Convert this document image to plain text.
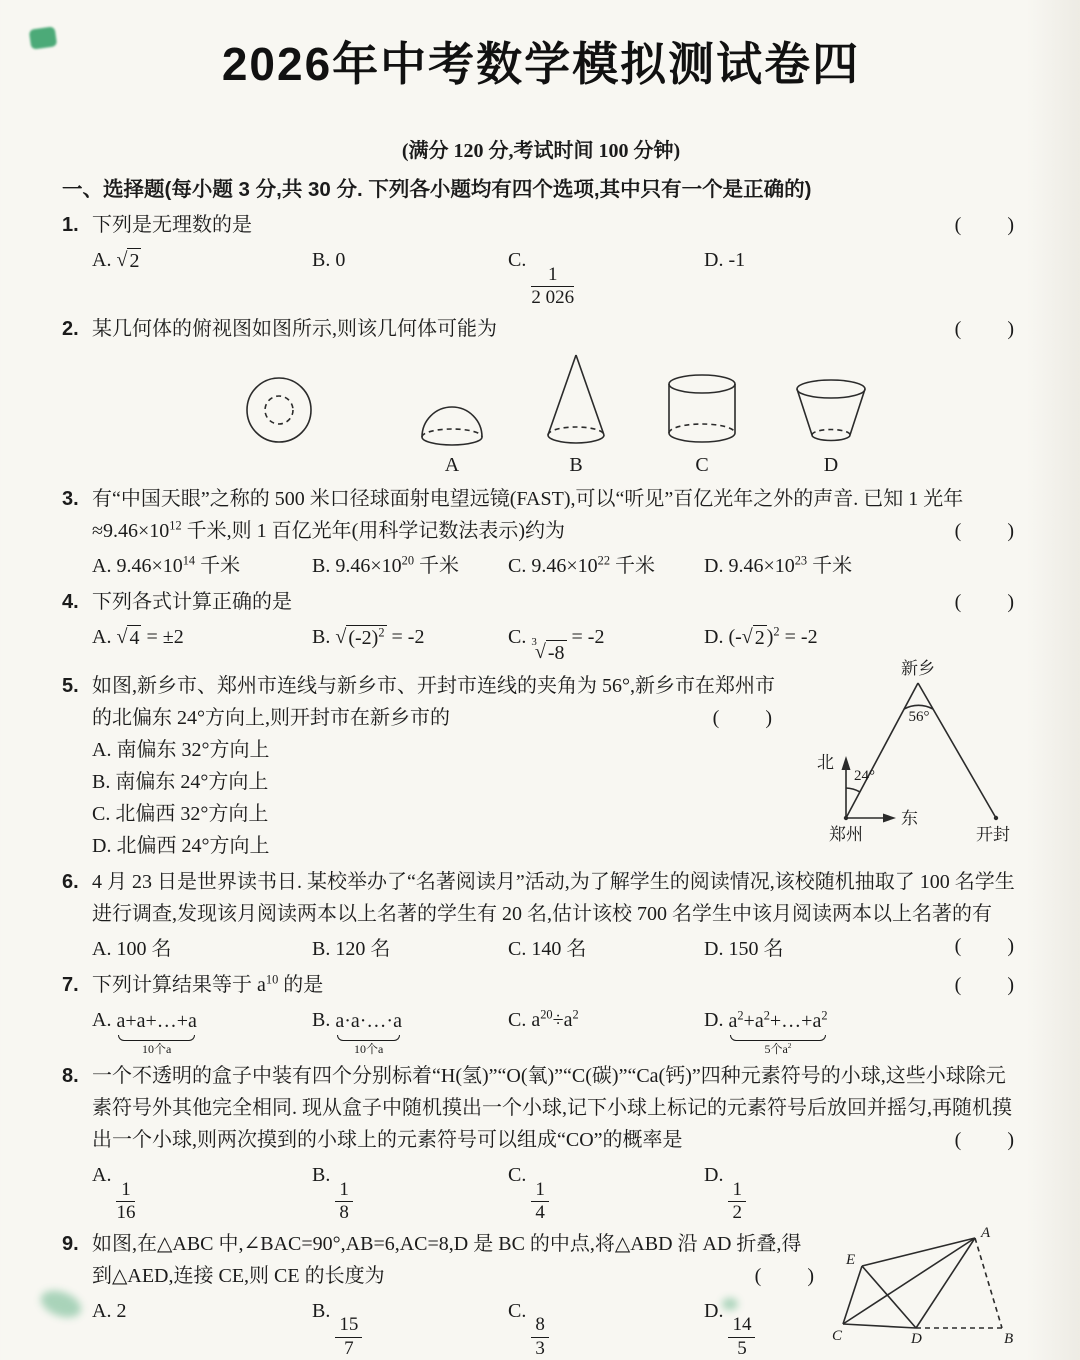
2026年中考数学模拟测试卷四
(满分 120 分,考试时间 100 分钟)
一、选择题(每小题 3 分,共 30 分. 下列各小题均有四个选项,其中只有一个是正确的)
1. 下列是无理数的是	(　　)
A. √ 2	B. 0	C.
$\frac{1}{2 026}$
D. -1
2. 某几何体的俯视图如图所示,则该几何体可能为	(　　)
A	B	C	D
3. 有“中国天眼”之称的 500 米口径球面射电望远镜(FAST),可以“听见”百亿光年之外的声音. 已知 1 光年$\approx 9.46\times 10^{12}$ 千米,则 1 百亿光年(用科学记数法表示)约为	(　　)
A. $9.46\times 10^{14}$ 千米	B. $9.46\times 10^{20}$ 千米	C. $9.46\times 10^{22}$ 千米	D. $9.46\times 10^{23}$ 千米
4. 下列各式计算正确的是	(　　)
A. √ 4 = ±2	B. √ $(-2)^2 = -2$	C. 3
√ -8
= -2	D. (- √ 2 )$^2$ = -2
5.
新乡
56°
北
24°
东
郑州	开封
如图,新乡市、郑州市连线与新乡市、开封市连线的夹角为 56°,新乡市在郑州市的北偏东 24°方向上,则开封市在新乡市的	(　　)
A. 南偏东 32°方向上
B. 南偏东 24°方向上
C. 北偏西 32°方向上
D. 北偏西 24°方向上
6. 4 月 23 日是世界读书日. 某校举办了“名著阅读月”活动,为了解学生的阅读情况,该校随机抽取了 100 名学生进行调查,发现该月阅读两本以上名著的学生有 20 名,估计该校 700 名学生中该月阅读两本以上名著的有
(　　)
A. 100 名	B. 120 名	C. 140 名	D. 150 名
7. 下列计算结果等于 $a^{10}$ 的是	(　　)
A. a+a+…+a
10个a
B. a·a·…·a
10个a
C. $a^{20}\div a^2$	D. $a^2+a^2+\dots+a^2$
5个$a^2$
8. 一个不透明的盒子中装有四个分别标着“H(氢)”“O(氧)”“C(碳)”“Ca(钙)”四种元素符号的小球,这些小球除元素符号外其他完全相同. 现从盒子中随机摸出一个小球,记下小球上标记的元素符号后放回并摇匀,再随机摸出一个小球,则两次摸到的小球上的元素符号可以组成“CO”的概率是	(　　)
A.
$\frac{1}{16}$
B.
$\frac{1}{8}$
C.
$\frac{1}{4}$
D.
$\frac{1}{2}$
9.	A
E
C	D	B
如图,在△ABC 中,∠BAC=90°,AB=6,AC=8,D 是 BC 的中点,将△ABD 沿 AD 折叠,得到△AED,连接 CE,则 CE 的长度为	(　　)
A. 2	B.
$\frac{15}{7}$
C.
$\frac{8}{3}$
D.
$\frac{14}{5}$
